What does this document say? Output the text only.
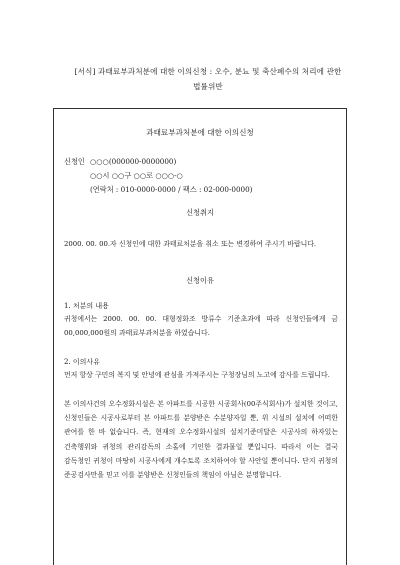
[서식] 과태료부과처분에 대한 이의신청 : 오수, 분뇨 및 축산폐수의 처리에 관한
법률위반
과태료부과처분에 대한 이의신청
신청인 ○○○(000000-0000000)
○○시 ○○구 ○○로 ○○○-○
(연락처 : 010-0000-0000 / 팩스 : 02-000-0000)
신청취지
2000. 00. 00.자 신청인에 대한 과태료처분을 취소 또는 변경하여 주시기 바랍니다.
신청이유
1. 처분의 내용
귀청에서는 2000. 00. 00. 대형정화조 방류수 기준초과에 따라 신청인들에게 금 00,000,000원의 과태료부과처분을 하였습니다.
2. 이의사유
먼저 항상 구민의 복지 및 안녕에 관심을 가져주시는 구청장님의 노고에 감사를 드립니다.
본 이의사건의 오수정화시설은 본 아파트를 시공한 시공회사(00주식회사)가 설치한 것이고, 신청인들은 시공사로부터 본 아파트를 분양받은 수분양자일 뿐, 위 시설의 설치에 어떠한 관여를 한 바 없습니다. 즉, 현재의 오수정화시설의 설치기준미달은 시공사의 하자있는 건축행위와 귀청의 관리감독의 소홀에 기인한 결과물일 뿐입니다. 따라서 이는 결국 감독청인 귀청이 마땅히 시공사에게 개수토록 조치하여야 할 사안일 뿐이니다. 단지 귀청의 준공검사만을 믿고 이를 분양받은 신청인들의 책임이 아님은 분명합니다.
